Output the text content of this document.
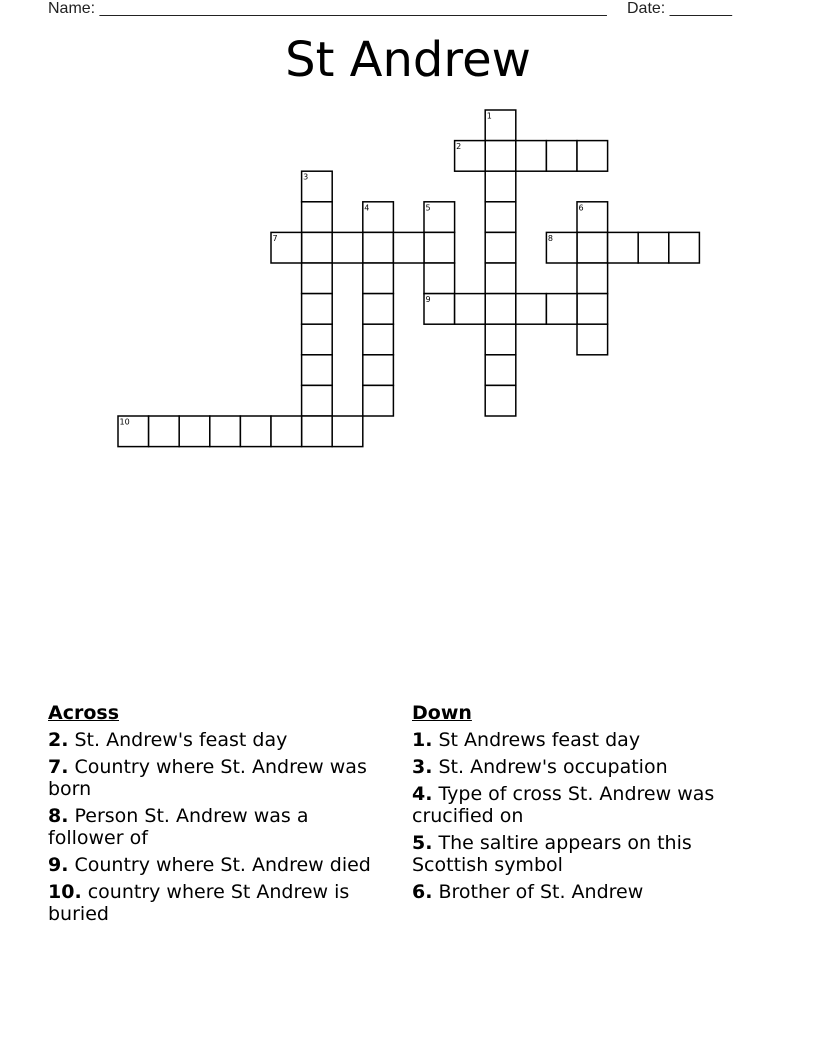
Name: _________________________________________________________ Date: _______
St Andrew
1
2
3
4	5
9
6
7	8
10
Across
2. St. Andrew's feast day
7. Country where St. Andrew was born
8. Person St. Andrew was a follower of
9. Country where St. Andrew died
10. country where St Andrew is buried
Down
1. St Andrews feast day
3. St. Andrew's occupation
4. Type of cross St. Andrew was crucified on
5. The saltire appears on this Scottish symbol
6. Brother of St. Andrew
